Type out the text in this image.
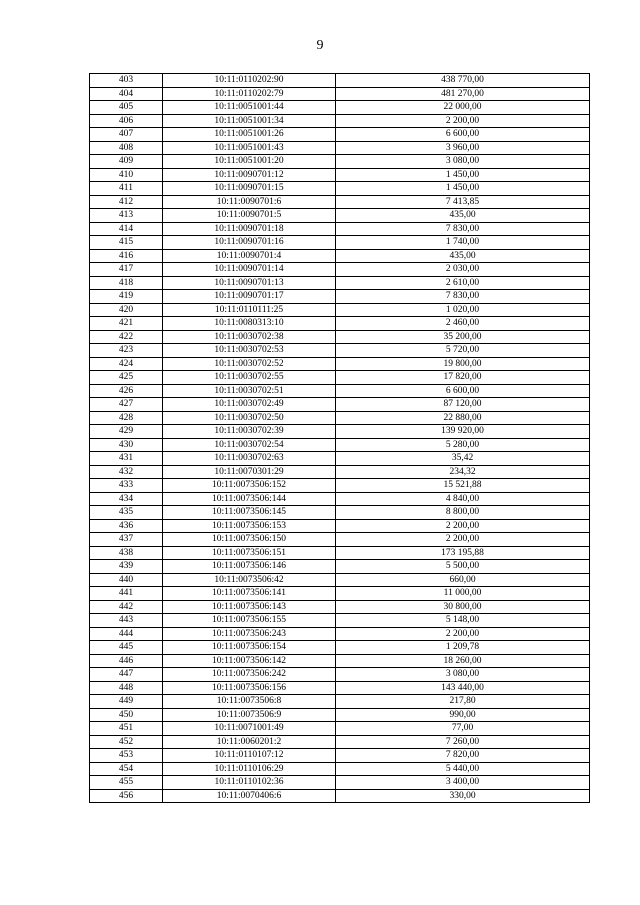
9
403	10:11:0110202:90	438 770,00
404	10:11:0110202:79	481 270,00
405	10:11:0051001:44	22 000,00
406	10:11:0051001:34	2 200,00
407	10:11:0051001:26	6 600,00
408	10:11:0051001:43	3 960,00
409	10:11:0051001:20	3 080,00
410	10:11:0090701:12	1 450,00
411	10:11:0090701:15	1 450,00
412	10:11:0090701:6	7 413,85
413	10:11:0090701:5	435,00
414	10:11:0090701:18	7 830,00
415	10:11:0090701:16	1 740,00
416	10:11:0090701:4	435,00
417	10:11:0090701:14	2 030,00
418	10:11:0090701:13	2 610,00
419	10:11:0090701:17	7 830,00
420	10:11:0110111:25	1 020,00
421	10:11:0080313:10	2 460,00
422	10:11:0030702:38	35 200,00
423	10:11:0030702:53	5 720,00
424	10:11:0030702:52	19 800,00
425	10:11:0030702:55	17 820,00
426	10:11:0030702:51	6 600,00
427	10:11:0030702:49	87 120,00
428	10:11:0030702:50	22 880,00
429	10:11:0030702:39	139 920,00
430	10:11:0030702:54	5 280,00
431	10:11:0030702:63	35,42
432	10:11:0070301:29	234,32
433	10:11:0073506:152	15 521,88
434	10:11:0073506:144	4 840,00
435	10:11:0073506:145	8 800,00
436	10:11:0073506:153	2 200,00
437	10:11:0073506:150	2 200,00
438	10:11:0073506:151	173 195,88
439	10:11:0073506:146	5 500,00
440	10:11:0073506:42	660,00
441	10:11:0073506:141	11 000,00
442	10:11:0073506:143	30 800,00
443	10:11:0073506:155	5 148,00
444	10:11:0073506:243	2 200,00
445	10:11:0073506:154	1 209,78
446	10:11:0073506:142	18 260,00
447	10:11:0073506:242	3 080,00
448	10:11:0073506:156	143 440,00
449	10:11:0073506:8	217,80
450	10:11:0073506:9	990,00
451	10:11:0071001:49	77,00
452	10:11:0060201:2	7 260,00
453	10:11:0110107:12	7 820,00
454	10:11:0110106:29	5 440,00
455	10:11:0110102:36	3 400,00
456	10:11:0070406:6	330,00
